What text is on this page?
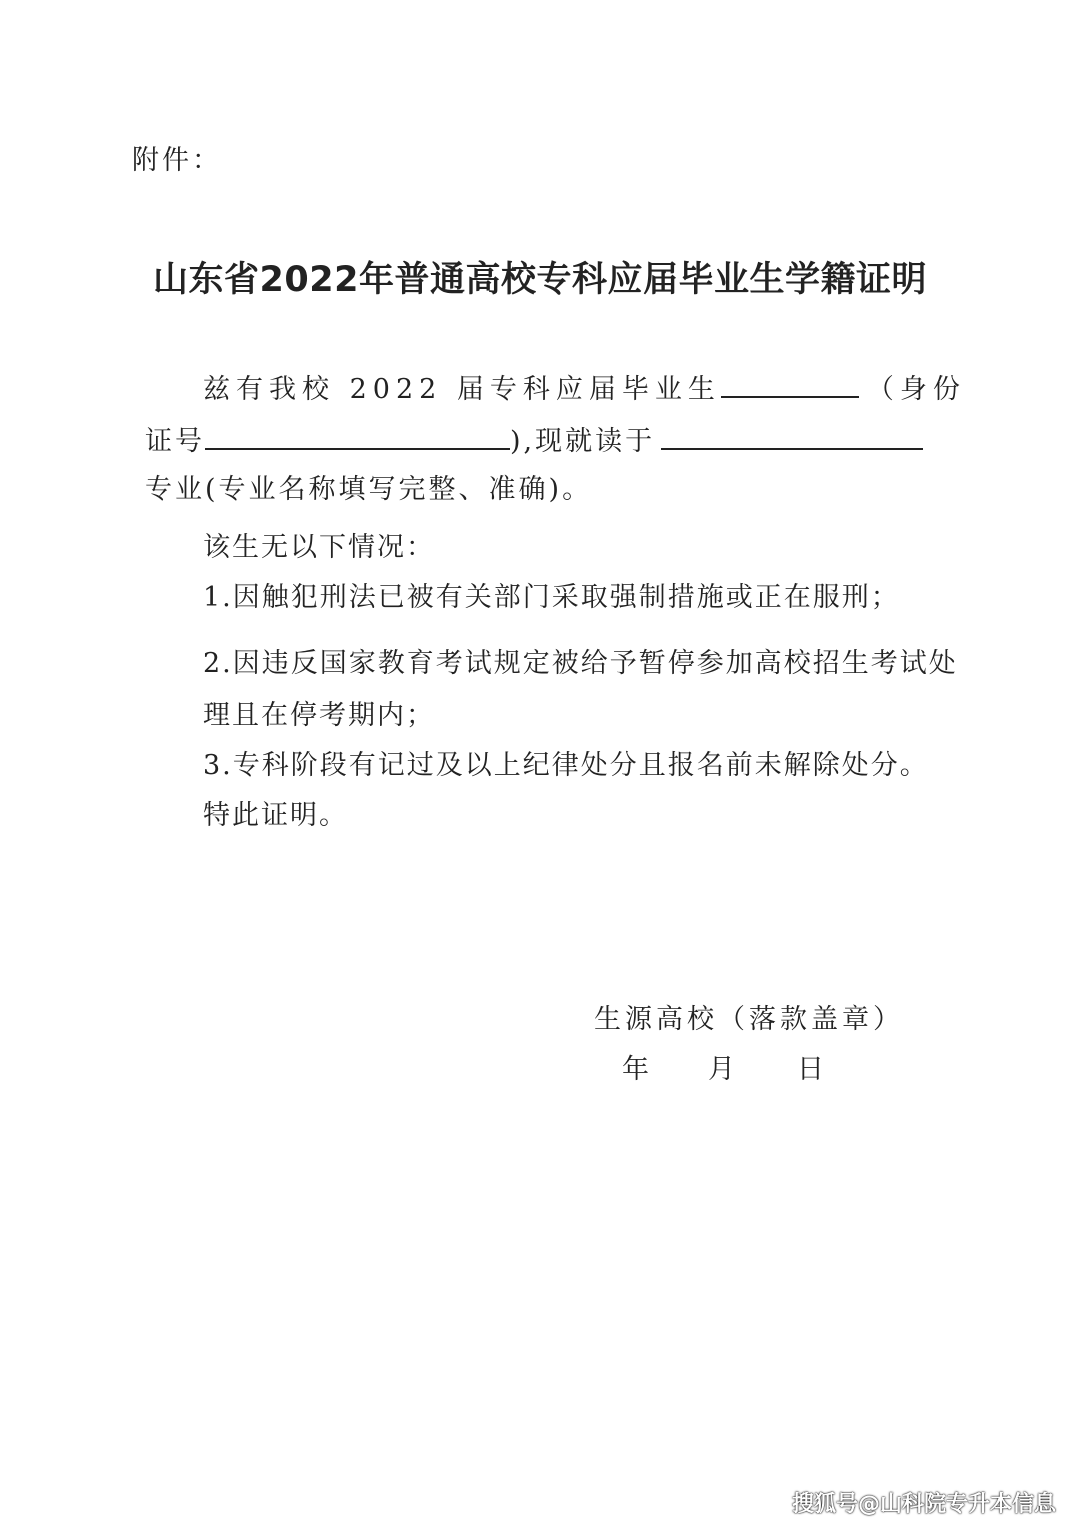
附件：
山东省2022年普通高校专科应届毕业生学籍证明
兹有我校 2022 届专科应届毕业生	（身份
证号	),现就读于
专业(专业名称填写完整、准确)。
该生无以下情况：
1.因触犯刑法已被有关部门采取强制措施或正在服刑；
2.因违反国家教育考试规定被给予暂停参加高校招生考试处
理且在停考期内；
3.专科阶段有记过及以上纪律处分且报名前未解除处分。
特此证明。
生源高校（落款盖章）
年 月 日
搜狐号@山科院专升本信息
